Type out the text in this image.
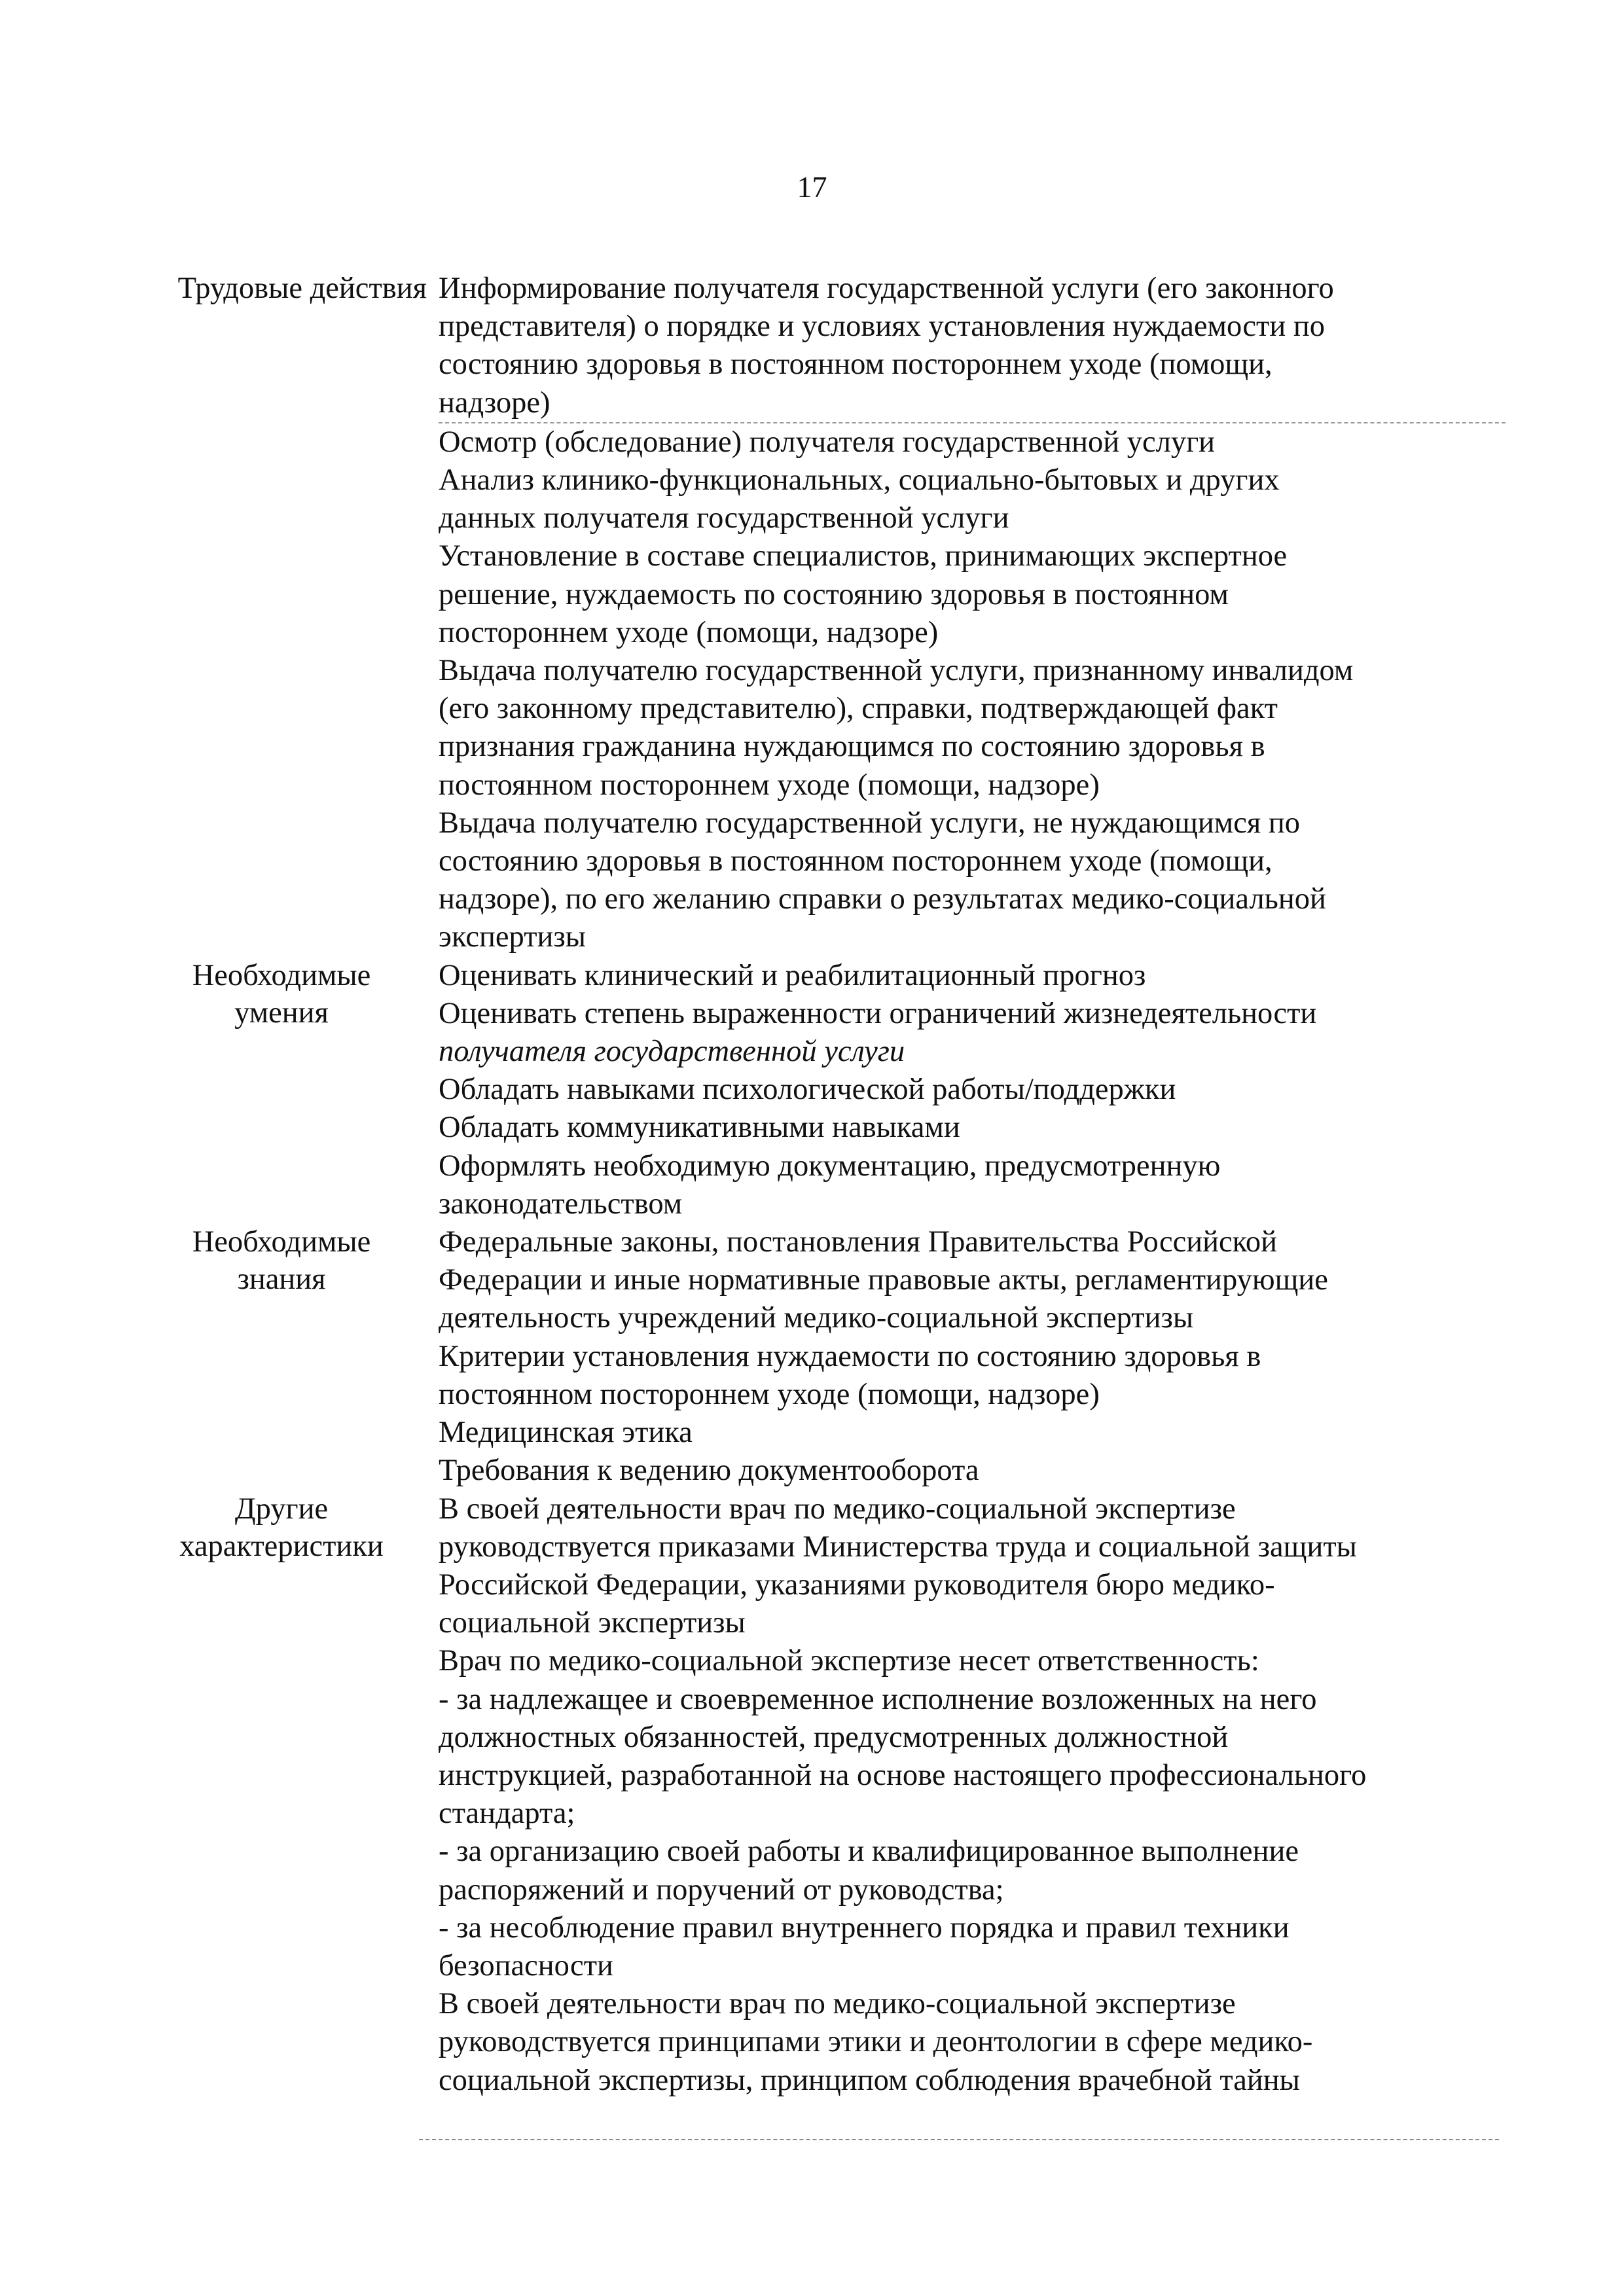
17
Трудовые действия Информирование получателя государственной услуги (его законного
представителя) о порядке и условиях установления нуждаемости по
состоянию здоровья в постоянном постороннем уходе (помощи,
надзоре)
Осмотр (обследование) получателя государственной услуги
Анализ клинико-функциональных, социально-бытовых и других
данных получателя государственной услуги
Установление в составе специалистов, принимающих экспертное
решение, нуждаемость по состоянию здоровья в постоянном
постороннем уходе (помощи, надзоре)
Выдача получателю государственной услуги, признанному инвалидом
(его законному представителю), справки, подтверждающей факт
признания гражданина нуждающимся по состоянию здоровья в
постоянном постороннем уходе (помощи, надзоре)
Выдача получателю государственной услуги, не нуждающимся по
состоянию здоровья в постоянном постороннем уходе (помощи,
надзоре), по его желанию справки о результатах медико-социальной
экспертизы
Необходимые
умения
Оценивать клинический и реабилитационный прогноз
Оценивать степень выраженности ограничений жизнедеятельности
получателя государственной услуги
Обладать навыками психологической работы/поддержки
Обладать коммуникативными навыками
Оформлять необходимую документацию, предусмотренную
законодательством
Необходимые
знания
Федеральные законы, постановления Правительства Российской
Федерации и иные нормативные правовые акты, регламентирующие
деятельность учреждений медико-социальной экспертизы
Критерии установления нуждаемости по состоянию здоровья в
постоянном постороннем уходе (помощи, надзоре)
Медицинская этика
Требования к ведению документооборота
Другие
характеристики
В своей деятельности врач по медико-социальной экспертизе
руководствуется приказами Министерства труда и социальной защиты
Российской Федерации, указаниями руководителя бюро медико-
социальной экспертизы
Врач по медико-социальной экспертизе несет ответственность:
- за надлежащее и своевременное исполнение возложенных на него
должностных обязанностей, предусмотренных должностной
инструкцией, разработанной на основе настоящего профессионального
стандарта;
- за организацию своей работы и квалифицированное выполнение
распоряжений и поручений от руководства;
- за несоблюдение правил внутреннего порядка и правил техники
безопасности
В своей деятельности врач по медико-социальной экспертизе
руководствуется принципами этики и деонтологии в сфере медико-
социальной экспертизы, принципом соблюдения врачебной тайны
